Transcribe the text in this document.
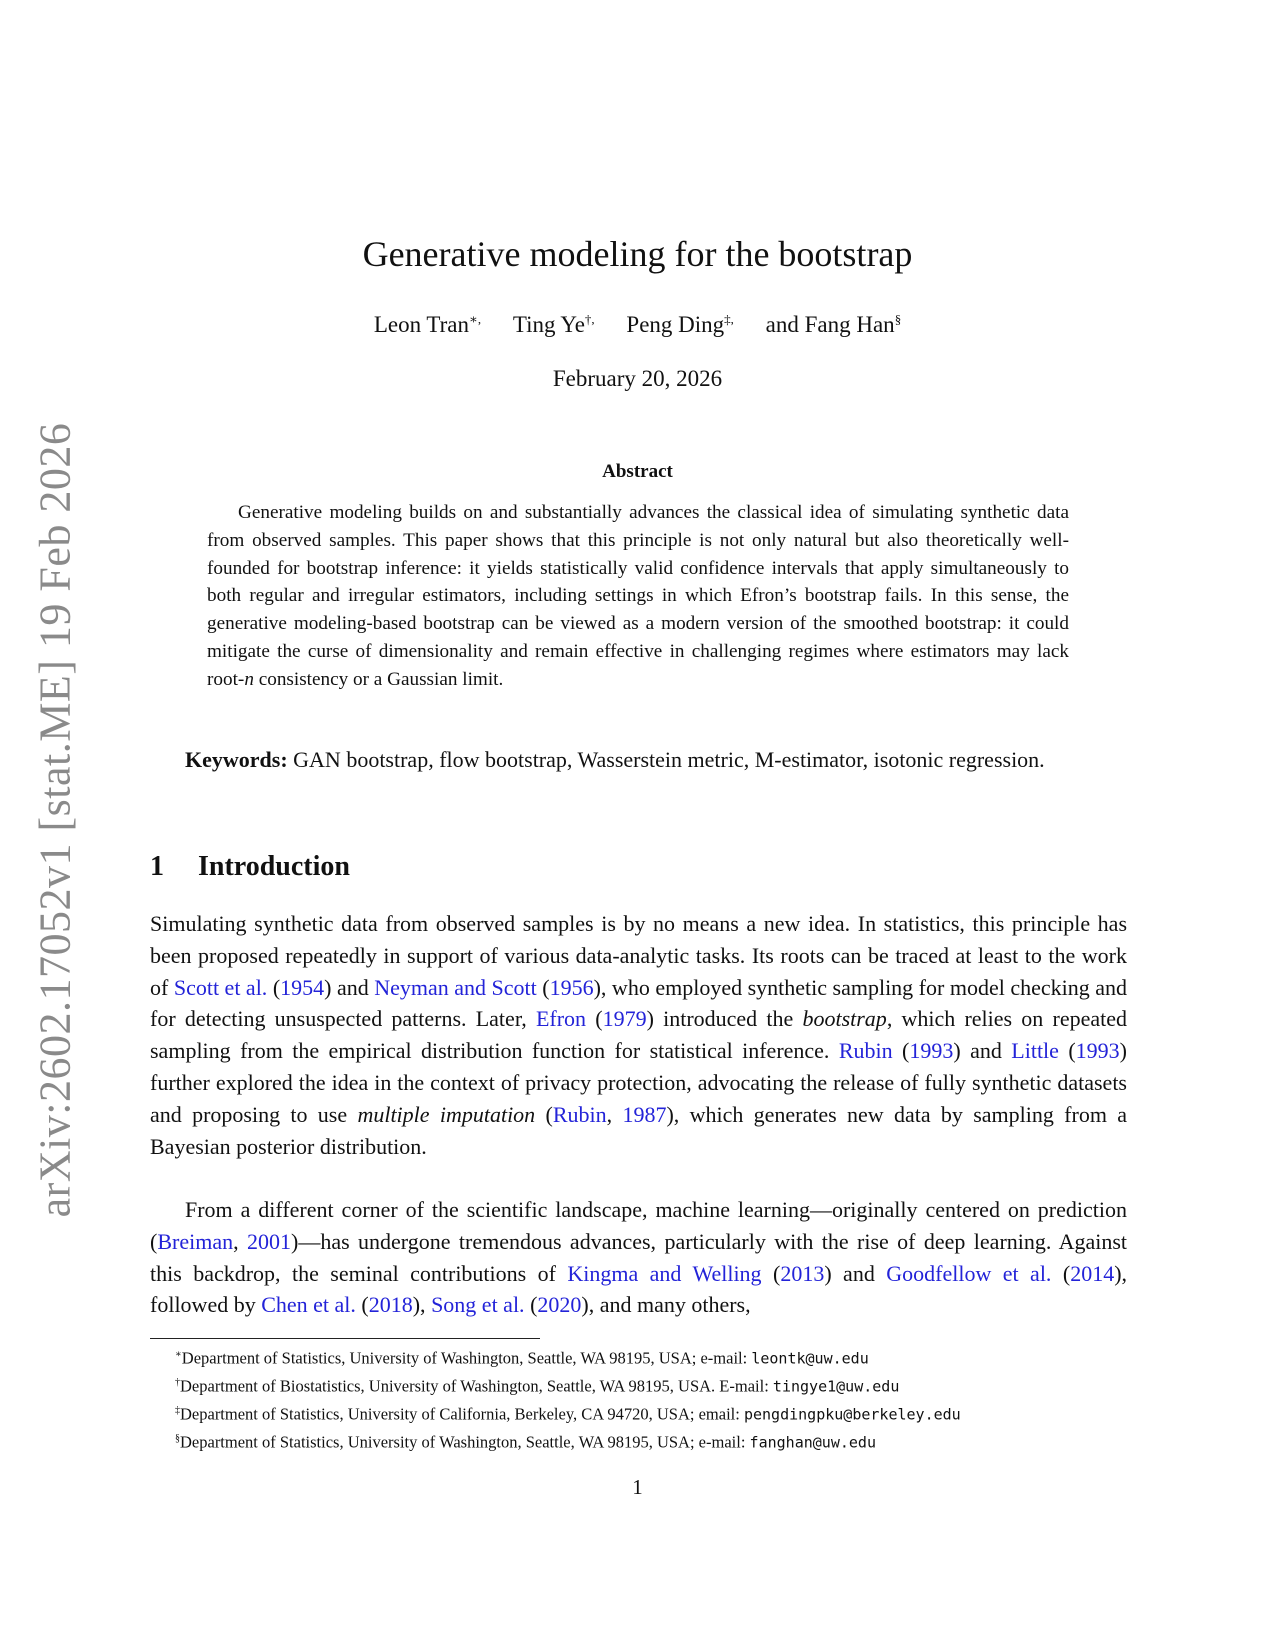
arXiv:2602.17052v1 [stat.ME] 19 Feb 2026
Generative modeling for the bootstrap
Leon Tran∗, Ting Ye†, Peng Ding‡, and Fang Han§
February 20, 2026
Abstract

Generative modeling builds on and substantially advances the classical idea of simulating synthetic data from observed samples. This paper shows that this principle is not only natural but also theoretically well-founded for bootstrap inference: it yields statistically valid confidence intervals that apply simultaneously to both regular and irregular estimators, including settings in which Efron’s bootstrap fails. In this sense, the generative modeling-based bootstrap can be viewed as a modern version of the smoothed bootstrap: it could mitigate the curse of dimensionality and remain effective in challenging regimes where estimators may lack root-n consistency or a Gaussian limit.

Keywords: GAN bootstrap, flow bootstrap, Wasserstein metric, M-estimator, isotonic regression.

1 Introduction

Simulating synthetic data from observed samples is by no means a new idea. In statistics, this principle has been proposed repeatedly in support of various data-analytic tasks. Its roots can be traced at least to the work of Scott et al. (1954) and Neyman and Scott (1956), who employed synthetic sampling for model checking and for detecting unsuspected patterns. Later, Efron (1979) introduced the bootstrap, which relies on repeated sampling from the empirical distribution function for statistical inference. Rubin (1993) and Little (1993) further explored the idea in the context of privacy protection, advocating the release of fully synthetic datasets and proposing to use multiple imputation (Rubin, 1987), which generates new data by sampling from a Bayesian posterior distribution.

From a different corner of the scientific landscape, machine learning—originally centered on prediction (Breiman, 2001)—has undergone tremendous advances, particularly with the rise of deep learning. Against this backdrop, the seminal contributions of Kingma and Welling (2013) and Goodfellow et al. (2014), followed by Chen et al. (2018), Song et al. (2020), and many others,

∗Department of Statistics, University of Washington, Seattle, WA 98195, USA; e-mail: leontk@uw.edu
†Department of Biostatistics, University of Washington, Seattle, WA 98195, USA. E-mail: tingye1@uw.edu
‡Department of Statistics, University of California, Berkeley, CA 94720, USA; email: pengdingpku@berkeley.edu
§Department of Statistics, University of Washington, Seattle, WA 98195, USA; e-mail: fanghan@uw.edu
1
